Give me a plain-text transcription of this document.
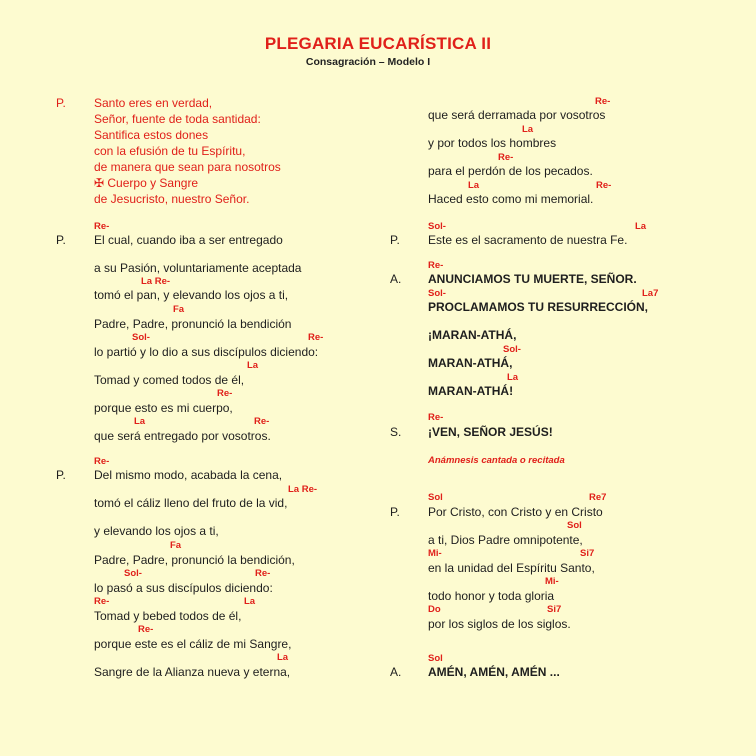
PLEGARIA EUCARÍSTICA II
Consagración – Modelo I
P. Santo eres en verdad,
Señor, fuente de toda santidad:
Santifica estos dones
con la efusión de tu Espíritu,
de manera que sean para nosotros
✠ Cuerpo y Sangre
de Jesucristo, nuestro Señor.
Re-
P. El cual, cuando iba a ser entregado
a su Pasión, voluntariamente aceptada
La Re-
tomó el pan, y elevando los ojos a ti,
Fa
Padre, Padre, pronunció la bendición
Sol-	Re-
lo partió y lo dio a sus discípulos diciendo:
La
Tomad y comed todos de él,
Re-
porque esto es mi cuerpo,
La	Re-
que será entregado por vosotros.
Re-
P. Del mismo modo, acabada la cena,
La Re-
tomó el cáliz lleno del fruto de la vid,
y elevando los ojos a ti,
Fa
Padre, Padre, pronunció la bendición,
Sol-	Re-
lo pasó a sus discípulos diciendo:
Re-	La
Tomad y bebed todos de él,
Re-
porque este es el cáliz de mi Sangre,
La
Sangre de la Alianza nueva y eterna,
Re-
que será derramada por vosotros
La
y por todos los hombres
Re-
para el perdón de los pecados.
La	Re-
Haced esto como mi memorial.
Sol-	La
P. Este es el sacramento de nuestra Fe.
Re-
A. ANUNCIAMOS TU MUERTE, SEÑOR.
Sol-	La7
PROCLAMAMOS TU RESURRECCIÓN,
¡MARAN-ATHÁ,
Sol-
MARAN-ATHÁ,
La
MARAN-ATHÁ!
Re-
S. ¡VEN, SEÑOR JESÚS!
Anámnesis cantada o recitada
Sol	Re7
P. Por Cristo, con Cristo y en Cristo
Sol
a ti, Dios Padre omnipotente,
Mi-	Si7
en la unidad del Espíritu Santo,
Mi-
todo honor y toda gloria
Do	Si7
por los siglos de los siglos.
Sol
A. AMÉN, AMÉN, AMÉN ...
